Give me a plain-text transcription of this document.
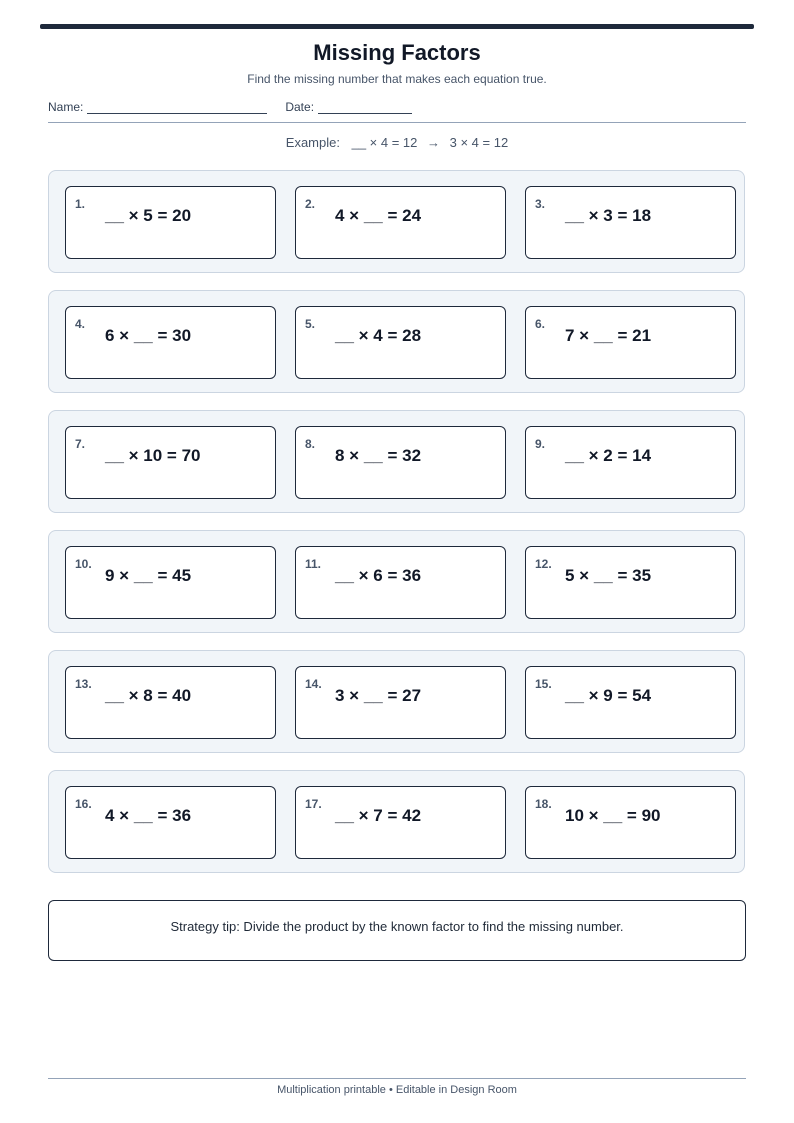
Missing Factors
Find the missing number that makes each equation true.
Name:	Date:
Example: __ × 4 = 12 → 3 × 4 = 12
1.
__ × 5 = 20
2.
4 × __ = 24
3.
__ × 3 = 18
4.
6 × __ = 30
5.
__ × 4 = 28
6.
7 × __ = 21
7.
__ × 10 = 70
8.
8 × __ = 32
9.
__ × 2 = 14
10.
9 × __ = 45
11.
__ × 6 = 36
12.
5 × __ = 35
13.
__ × 8 = 40
14.
3 × __ = 27
15.
__ × 9 = 54
16.
4 × __ = 36
17.
__ × 7 = 42
18.
10 × __ = 90
Strategy tip: Divide the product by the known factor to find the missing number.
Multiplication printable • Editable in Design Room
